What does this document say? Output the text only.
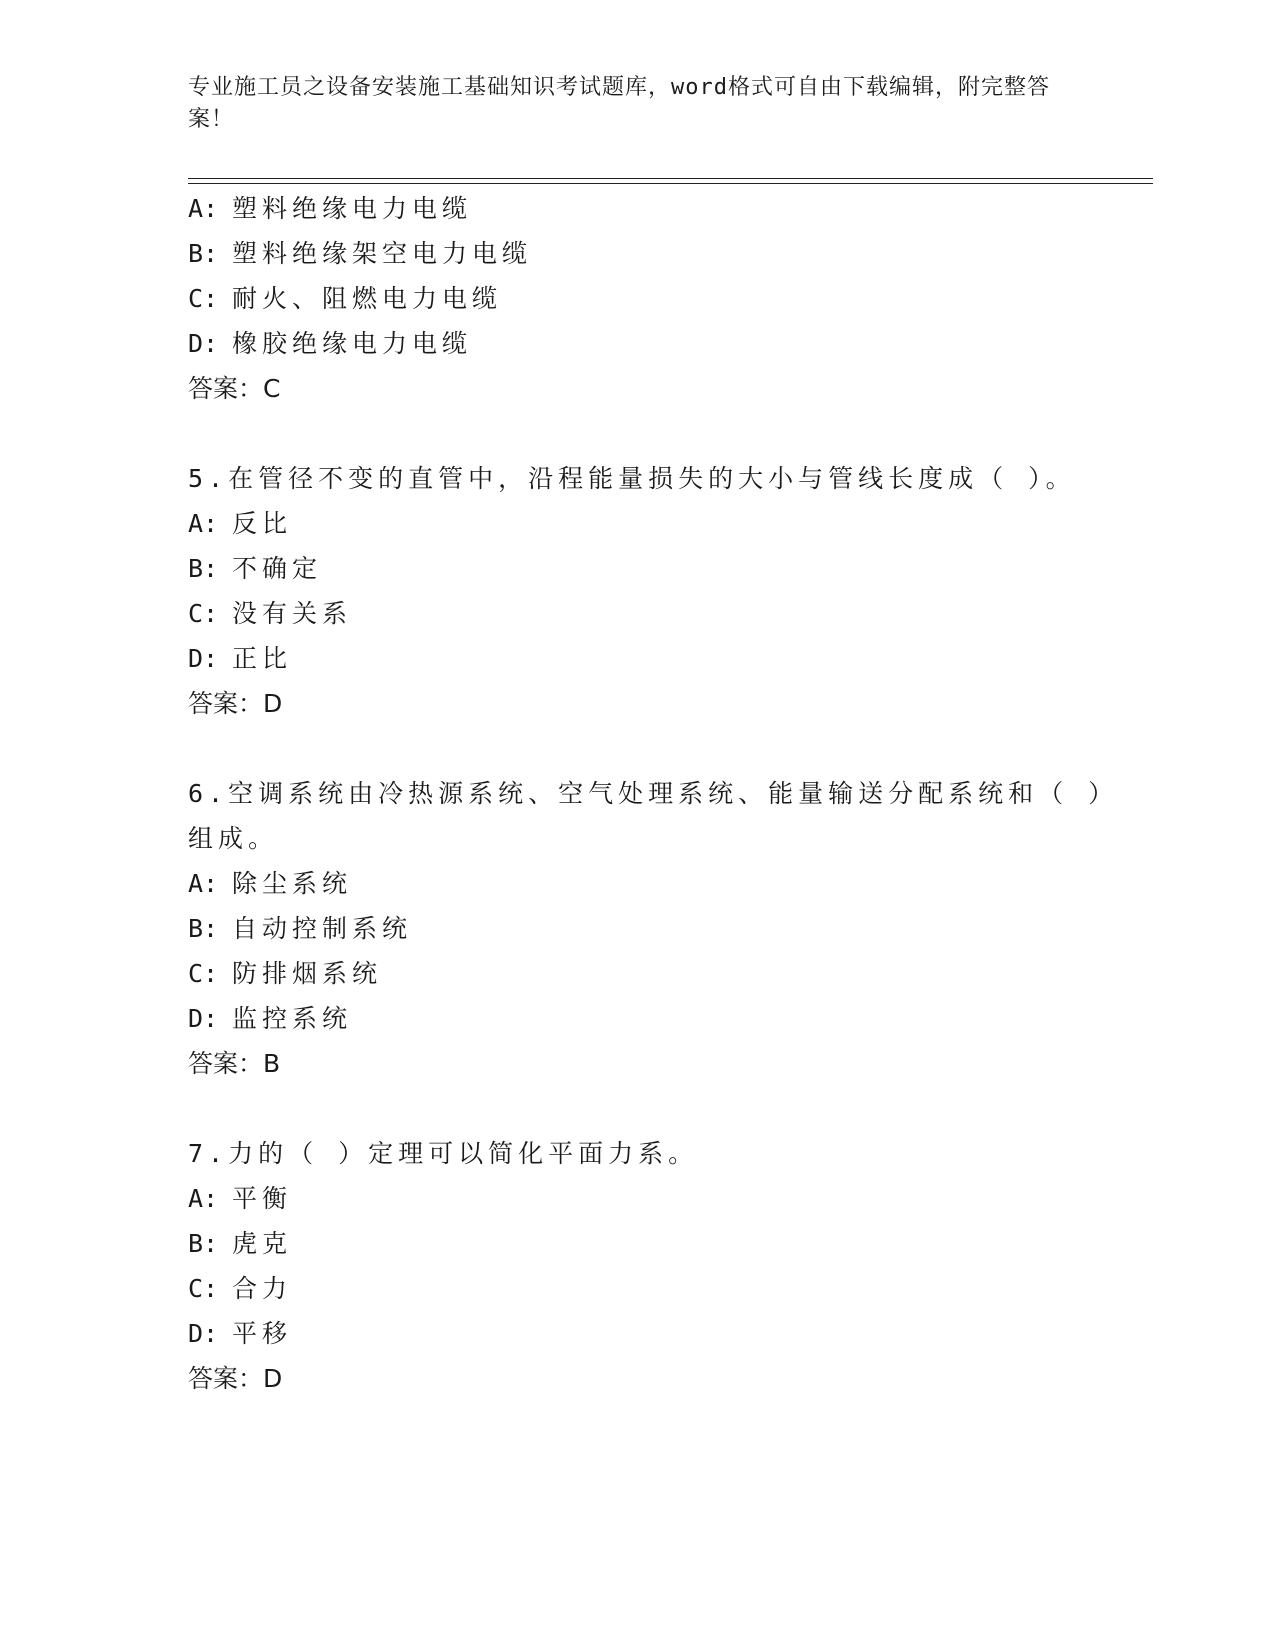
专业施工员之设备安装施工基础知识考试题库，word格式可自由下载编辑，附完整答案！
A: 塑料绝缘电力电缆
B: 塑料绝缘架空电力电缆
C: 耐火、阻燃电力电缆
D: 橡胶绝缘电力电缆
答案：C
5.在管径不变的直管中，沿程能量损失的大小与管线长度成（ ）。
A: 反比
B: 不确定
C: 没有关系
D: 正比
答案：D
6.空调系统由冷热源系统、空气处理系统、能量输送分配系统和（ ）
组成。
A: 除尘系统
B: 自动控制系统
C: 防排烟系统
D: 监控系统
答案：B
7.力的（ ）定理可以简化平面力系。
A: 平衡
B: 虎克
C: 合力
D: 平移
答案：D
